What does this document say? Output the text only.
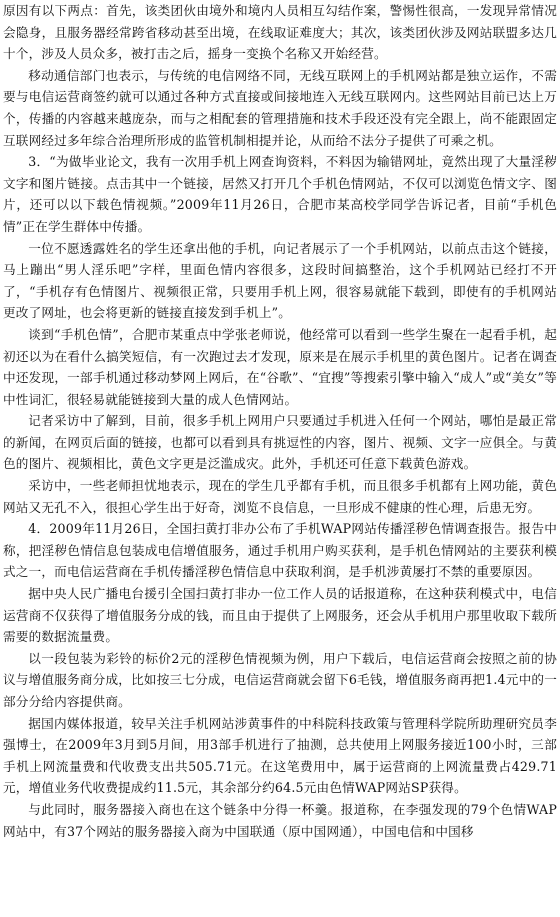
原因有以下两点：首先，该类团伙由境外和境内人员相互勾结作案，警惕性很高，一发现异常情况会隐身，且服务器经常跨省移动甚至出境，在线取证难度大；其次，该类团伙涉及网站联盟多达几十个，涉及人员众多，被打击之后，摇身一变换个名称又开始经营。

移动通信部门也表示，与传统的电信网络不同，无线互联网上的手机网站都是独立运作，不需要与电信运营商签约就可以通过各种方式直接或间接地连入无线互联网内。这些网站目前已达上万个，传播的内容越来越庞杂，而与之相配套的管理措施和技术手段还没有完全跟上，尚不能跟固定互联网经过多年综合治理所形成的监管机制相提并论，从而给不法分子提供了可乘之机。

3．“为做毕业论文，我有一次用手机上网查询资料，不料因为输错网址，竟然出现了大量淫秽文字和图片链接。点击其中一个链接，居然又打开几个手机色情网站，不仅可以浏览色情文字、图片，还可以以下载色情视频。”2009年11月26日，合肥市某高校学同学告诉记者，目前“手机色情”正在学生群体中传播。

一位不愿透露姓名的学生还拿出他的手机，向记者展示了一个手机网站，以前点击这个链接，马上蹦出“男人淫乐吧”字样，里面色情内容很多，这段时间搞整治，这个手机网站已经打不开了，“手机存有色情图片、视频很正常，只要用手机上网，很容易就能下载到，即使有的手机网站更改了网址，也会将更新的链接直接发到手机上”。

谈到“手机色情”，合肥市某重点中学张老师说，他经常可以看到一些学生聚在一起看手机，起初还以为在看什么搞笑短信，有一次跑过去才发现，原来是在展示手机里的黄色图片。记者在调查中还发现，一部手机通过移动梦网上网后，在“谷歌”、“宜搜”等搜索引擎中输入“成人”或“美女”等中性词汇，很轻易就能链接到大量的成人色情网站。

记者采访中了解到，目前，很多手机上网用户只要通过手机进入任何一个网站，哪怕是最正常的新闻，在网页后面的链接，也都可以看到具有挑逗性的内容，图片、视频、文字一应俱全。与黄色的图片、视频相比，黄色文字更是泛滥成灾。此外，手机还可任意下载黄色游戏。

采访中，一些老师担忧地表示，现在的学生几乎都有手机，而且很多手机都有上网功能，黄色网站又无孔不入，很担心学生出于好奇，浏览不良信息，一旦形成不健康的性心理，后患无穷。

4．2009年11月26日，全国扫黄打非办公布了手机WAP网站传播淫秽色情调查报告。报告中称，把淫秽色情信息包装成电信增值服务，通过手机用户购买获利，是手机色情网站的主要获利模式之一，而电信运营商在手机传播淫秽色情信息中获取利润，是手机涉黄屡打不禁的重要原因。

据中央人民广播电台援引全国扫黄打非办一位工作人员的话报道称，在这种获利模式中，电信运营商不仅获得了增值服务分成的钱，而且由于提供了上网服务，还会从手机用户那里收取下载所需要的数据流量费。

以一段包装为彩铃的标价2元的淫秽色情视频为例，用户下载后，电信运营商会按照之前的协议与增值服务商分成，比如按三七分成，电信运营商就会留下6毛钱，增值服务商再把1.4元中的一部分分给内容提供商。

据国内媒体报道，较早关注手机网站涉黄事件的中科院科技政策与管理科学院所助理研究员李强博士，在2009年3月到5月间，用3部手机进行了抽测，总共使用上网服务接近100小时，三部手机上网流量费和代收费支出共505.71元。在这笔费用中，属于运营商的上网流量费占429.71元，增值业务代收费提成约11.5元，其余部分约64.5元由色情WAP网站SP获得。

与此同时，服务器接入商也在这个链条中分得一杯羹。报道称，在李强发现的79个色情WAP网站中，有37个网站的服务器接入商为中国联通（原中国网通），中国电信和中国移
